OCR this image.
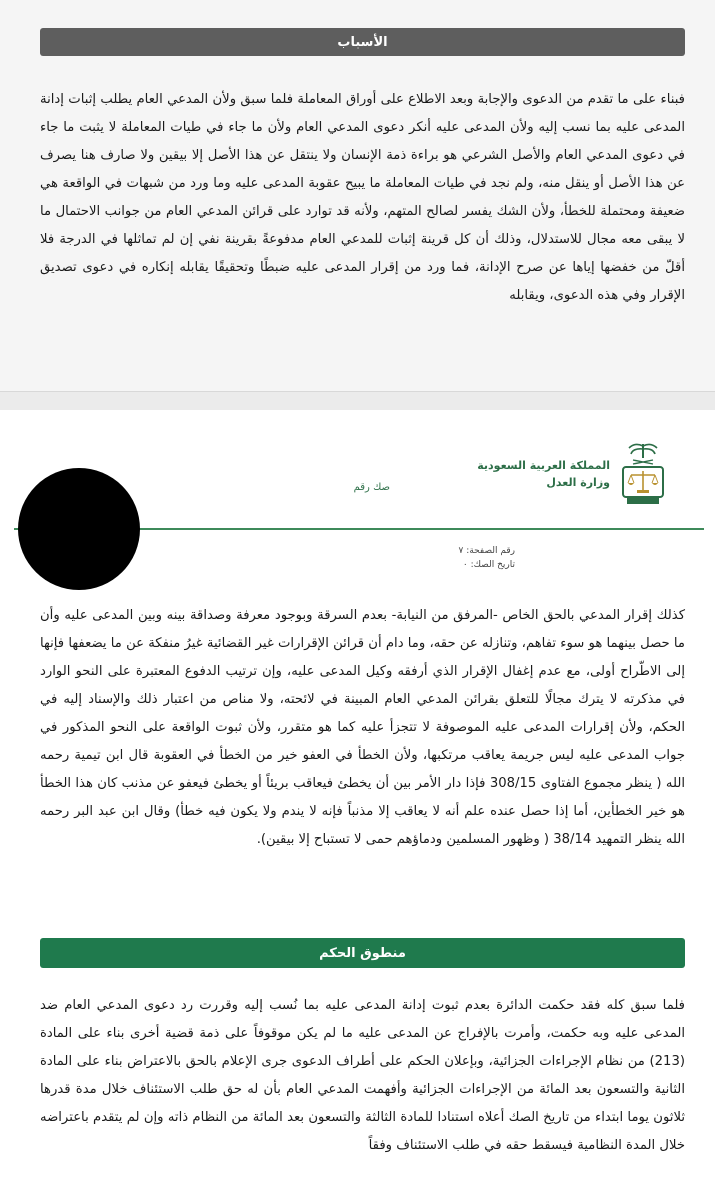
الأسباب

فبناء على ما تقدم من الدعوى والإجابة وبعد الاطلاع على أوراق المعاملة فلما سبق ولأن المدعي العام يطلب إثبات إدانة المدعى عليه بما نسب إليه ولأن المدعى عليه أنكر دعوى المدعي العام ولأن ما جاء في طيات المعاملة لا يثبت ما جاء في دعوى المدعي العام والأصل الشرعي هو براءة ذمة الإنسان ولا ينتقل عن هذا الأصل إلا بيقين ولا صارف هنا يصرف عن هذا الأصل أو ينقل منه، ولم نجد في طيات المعاملة ما يبيح عقوبة المدعى عليه وما ورد من شبهات في الواقعة هي ضعيفة ومحتملة للخطأ، ولأن الشك يفسر لصالح المتهم، ولأنه قد توارد على قرائن المدعي العام من جوانب الاحتمال ما لا يبقى معه مجال للاستدلال، وذلك أن كل قرينة إثبات للمدعي العام مدفوعةً بقرينة نفي إن لم تماثلها في الدرجة فلا أقلّ من خفضها إياها عن صرح الإدانة، فما ورد من إقرار المدعى عليه ضبطًا وتحقيقًا يقابله إنكاره في دعوى تصديق الإقرار وفي هذه الدعوى، ويقابله

المملكة العربية السعودية
وزارة العدل
صك رقم
رقم الصفحة: ٧
تاريخ الصك: ٠

كذلك إقرار المدعي بالحق الخاص -المرفق من النيابة- بعدم السرقة وبوجود معرفة وصداقة بينه وبين المدعى عليه وأن ما حصل بينهما هو سوء تفاهم، وتنازله عن حقه، وما دام أن قرائن الإقرارات غير القضائية غيرُ منفكة عن ما يضعفها فإنها إلى الاطّراح أولى، مع عدم إغفال الإقرار الذي أرفقه وكيل المدعى عليه، وإن ترتيب الدفوع المعتبرة على النحو الوارد في مذكرته لا يترك مجالًا للتعلق بقرائن المدعي العام المبينة في لائحته، ولا مناص من اعتبار ذلك والإسناد إليه في الحكم، ولأن إقرارات المدعى عليه الموصوفة لا تتجزأ عليه كما هو متقرر، ولأن ثبوت الواقعة على النحو المذكور في جواب المدعى عليه ليس جريمة يعاقب مرتكبها، ولأن الخطأ في العفو خير من الخطأ في العقوبة قال ابن تيمية رحمه الله ( ينظر مجموع الفتاوى 308/15 فإذا دار الأمر بين أن يخطئ فيعاقب بريئاً أو يخطئ فيعفو عن مذنب كان هذا الخطأ هو خير الخطأين، أما إذا حصل عنده علم أنه لا يعاقب إلا مذنباً فإنه لا يندم ولا يكون فيه خطأ) وقال ابن عبد البر رحمه الله ينظر التمهيد 38/14 ( وظهور المسلمين ودماؤهم حمى لا تستباح إلا بيقين).

منطوق الحكم

فلما سبق كله فقد حكمت الدائرة بعدم ثبوت إدانة المدعى عليه بما نُسب إليه وقررت رد دعوى المدعي العام ضد المدعى عليه وبه حكمت، وأمرت بالإفراج عن المدعى عليه ما لم يكن موقوفاً على ذمة قضية أخرى بناء على المادة (213) من نظام الإجراءات الجزائية، وبإعلان الحكم على أطراف الدعوى جرى الإعلام بالحق بالاعتراض بناء على المادة الثانية والتسعون بعد المائة من الإجراءات الجزائية وأفهمت المدعي العام بأن له حق طلب الاستئناف خلال مدة قدرها ثلاثون يوما ابتداء من تاريخ الصك أعلاه استنادا للمادة الثالثة والتسعون بعد المائة من النظام ذاته وإن لم يتقدم باعتراضه خلال المدة النظامية فيسقط حقه في طلب الاستئناف وفقاً
